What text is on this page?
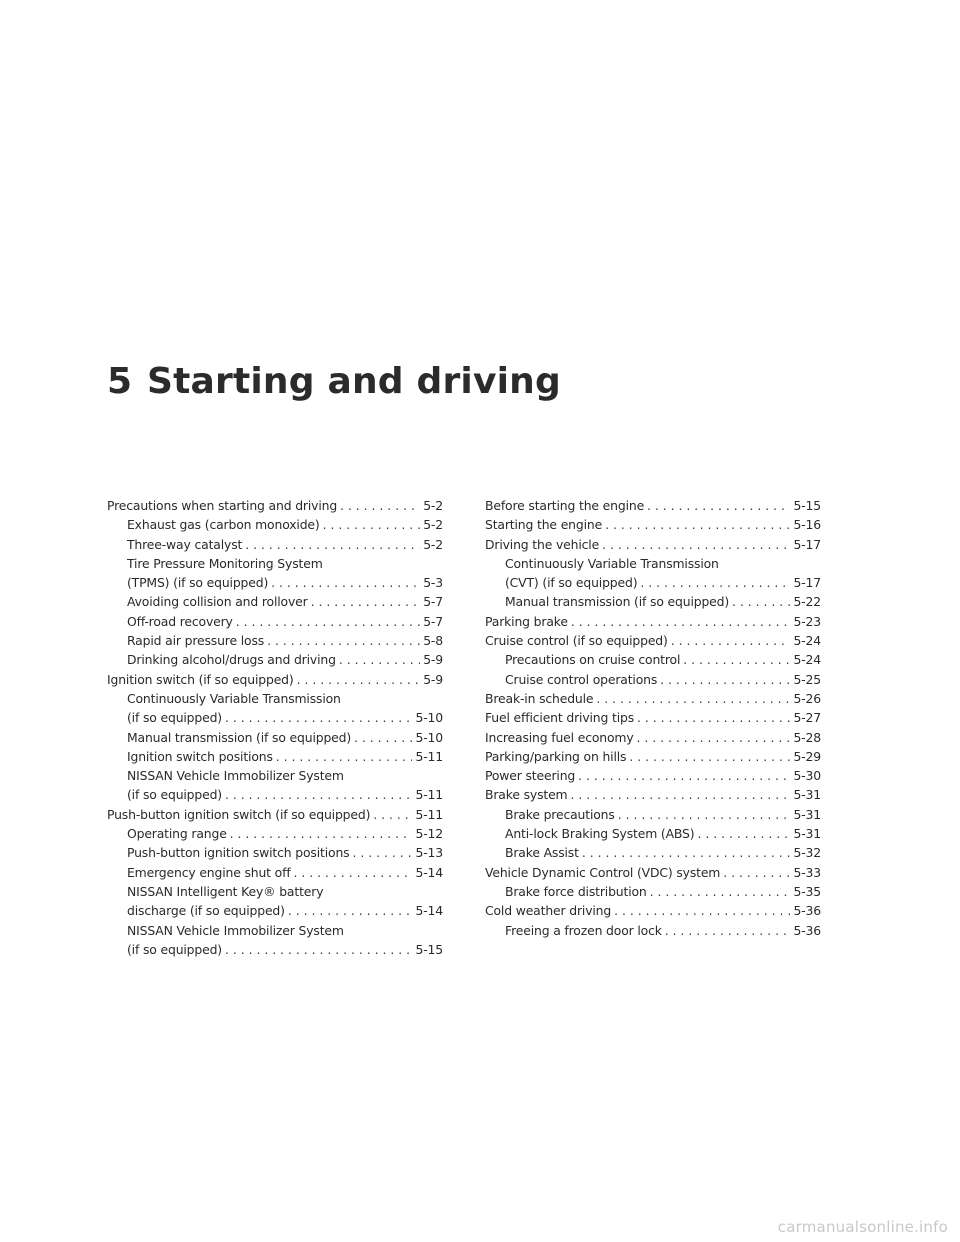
5 Starting and driving
Precautions when starting and driving . . .	5-2
Exhaust gas (carbon monoxide) . . .	5-2
Three-way catalyst . . .	5-2
Tire Pressure Monitoring System
(TPMS) (if so equipped) . . .	5-3
Avoiding collision and rollover . . .	5-7
Off-road recovery . . .	5-7
Rapid air pressure loss . . .	5-8
Drinking alcohol/drugs and driving . . .	5-9
Ignition switch (if so equipped) . . .	5-9
Continuously Variable Transmission
(if so equipped) . . .	5-10
Manual transmission (if so equipped) . . .	5-10
Ignition switch positions . . .	5-11
NISSAN Vehicle Immobilizer System
(if so equipped) . . .	5-11
Push-button ignition switch (if so equipped) . . .	5-11
Operating range . . .	5-12
Push-button ignition switch positions . . .	5-13
Emergency engine shut off . . .	5-14
NISSAN Intelligent Key® battery
discharge (if so equipped) . . .	5-14
NISSAN Vehicle Immobilizer System
(if so equipped) . . .	5-15
Before starting the engine . . .	5-15
Starting the engine . . .	5-16
Driving the vehicle . . .	5-17
Continuously Variable Transmission
(CVT) (if so equipped) . . .	5-17
Manual transmission (if so equipped) . . .	5-22
Parking brake . . .	5-23
Cruise control (if so equipped) . . .	5-24
Precautions on cruise control . . .	5-24
Cruise control operations . . .	5-25
Break-in schedule . . .	5-26
Fuel efficient driving tips . . .	5-27
Increasing fuel economy . . .	5-28
Parking/parking on hills . . .	5-29
Power steering . . .	5-30
Brake system . . .	5-31
Brake precautions . . .	5-31
Anti-lock Braking System (ABS) . . .	5-31
Brake Assist . . .	5-32
Vehicle Dynamic Control (VDC) system . . .	5-33
Brake force distribution . . .	5-35
Cold weather driving . . .	5-36
Freeing a frozen door lock . . .	5-36
carmanualsonline.info
